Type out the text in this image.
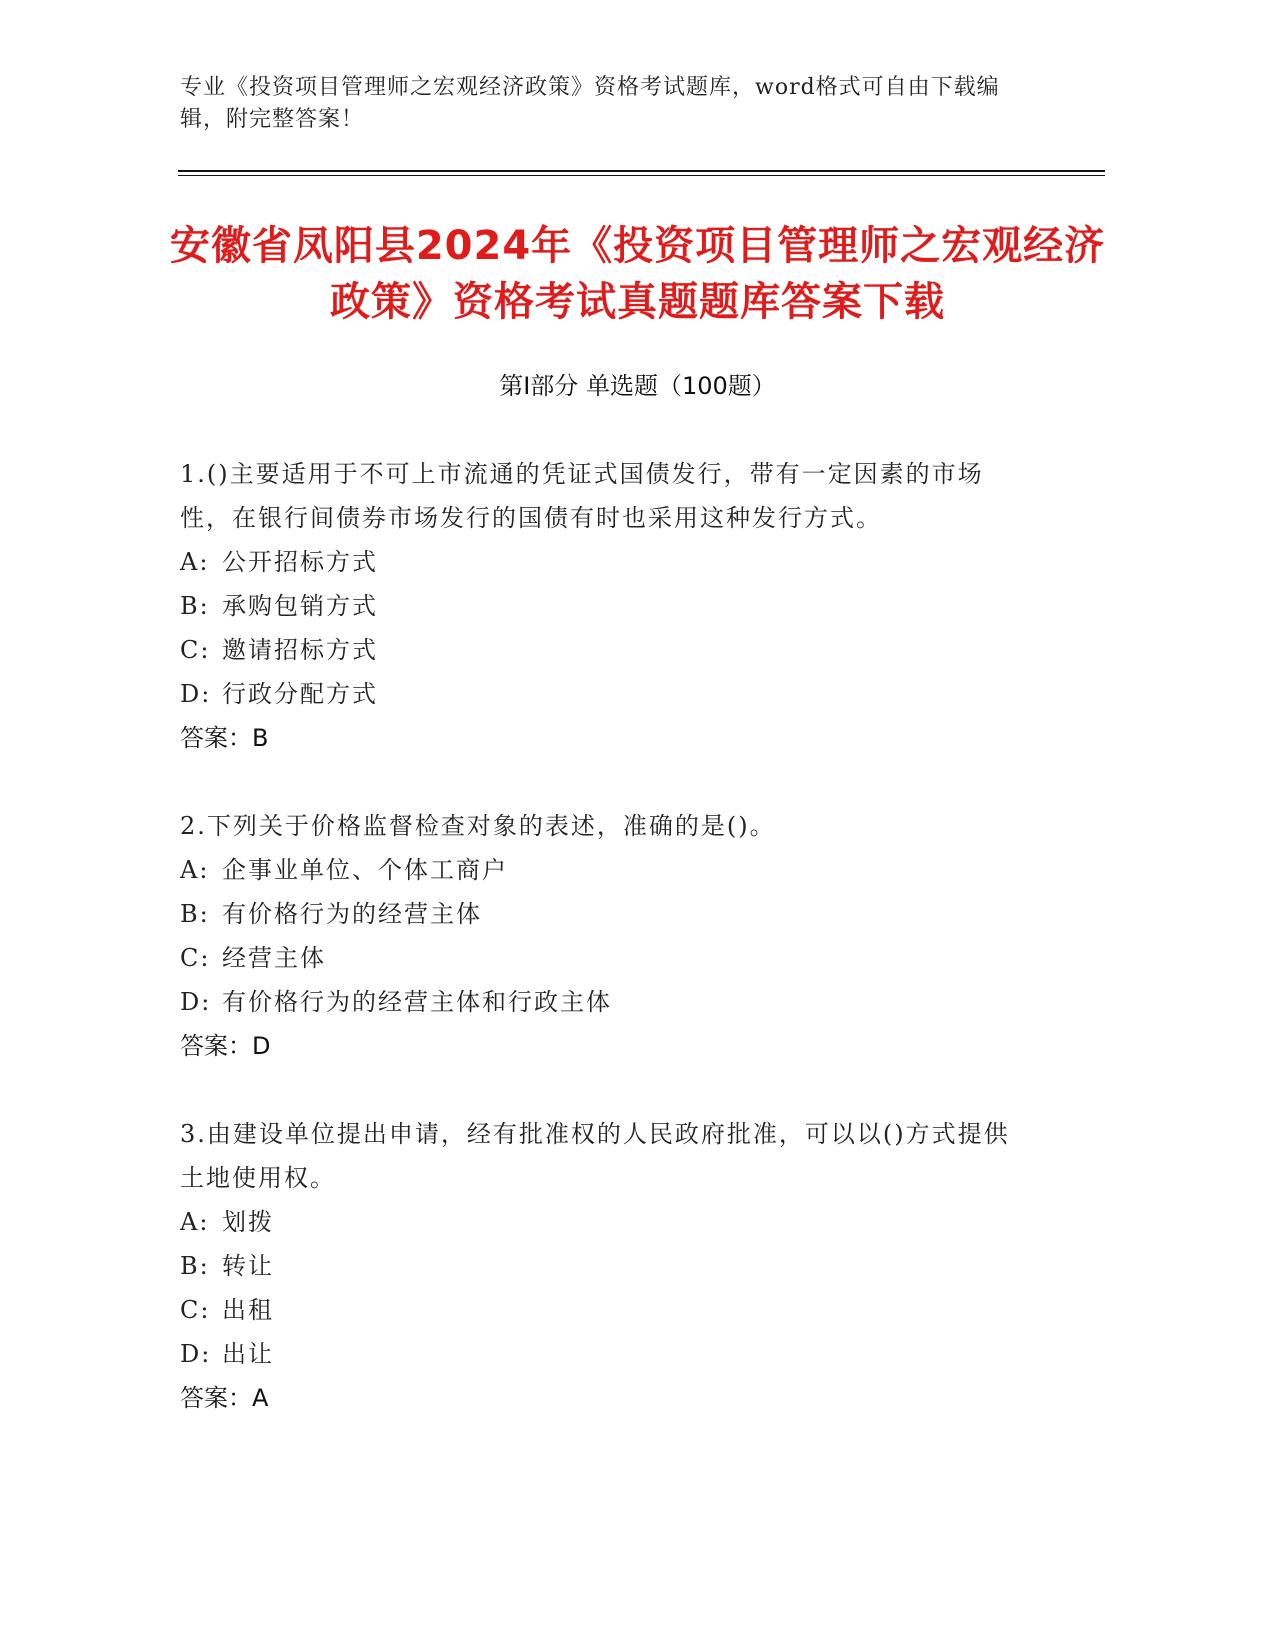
专业《投资项目管理师之宏观经济政策》资格考试题库，word格式可自由下载编辑，附完整答案！
安徽省凤阳县2024年《投资项目管理师之宏观经济政策》资格考试真题题库答案下载
第Ⅰ部分 单选题（100题）
1.()主要适用于不可上市流通的凭证式国债发行，带有一定因素的市场性，在银行间债券市场发行的国债有时也采用这种发行方式。
A: 公开招标方式
B: 承购包销方式
C: 邀请招标方式
D: 行政分配方式
答案：B
2.下列关于价格监督检查对象的表述，准确的是()。
A: 企事业单位、个体工商户
B: 有价格行为的经营主体
C: 经营主体
D: 有价格行为的经营主体和行政主体
答案：D
3.由建设单位提出申请，经有批准权的人民政府批准，可以以()方式提供土地使用权。
A: 划拨
B: 转让
C: 出租
D: 出让
答案：A
